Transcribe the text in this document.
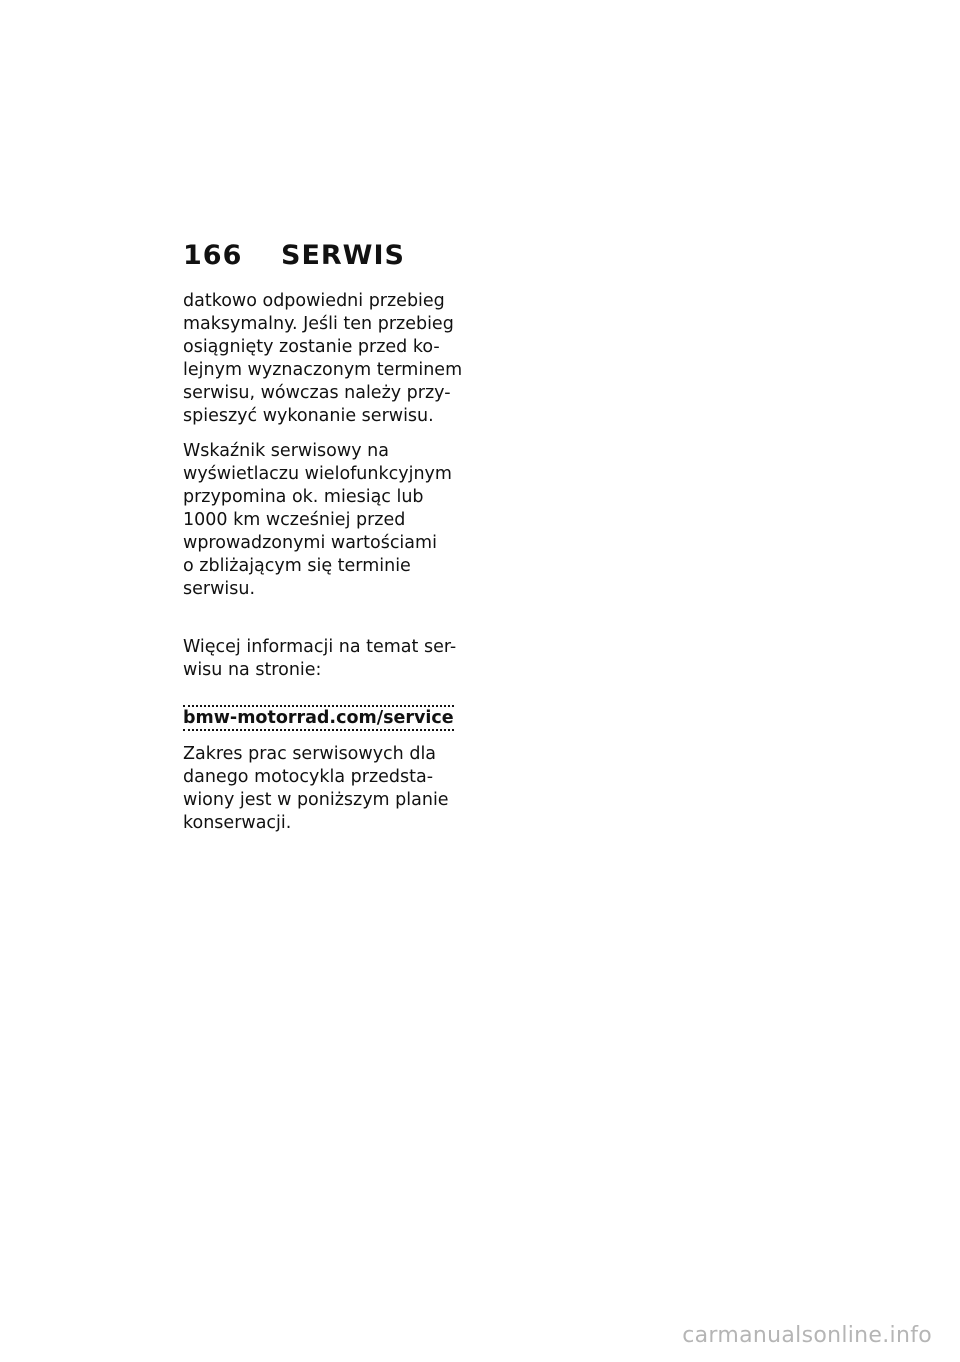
166	SERWIS

datkowo odpowiedni przebieg
maksymalny. Jeśli ten przebieg
osiągnięty zostanie przed ko-
lejnym wyznaczonym terminem
serwisu, wówczas należy przy-
spieszyć wykonanie serwisu.

Wskaźnik serwisowy na
wyświetlaczu wielofunkcyjnym
przypomina ok. miesiąc lub
1000 km wcześniej przed
wprowadzonymi wartościami
o zbliżającym się terminie
serwisu.

Więcej informacji na temat ser-
wisu na stronie:

bmw-motorrad.com/service

Zakres prac serwisowych dla
danego motocykla przedsta-
wiony jest w poniższym planie
konserwacji.

carmanualsonline.info
